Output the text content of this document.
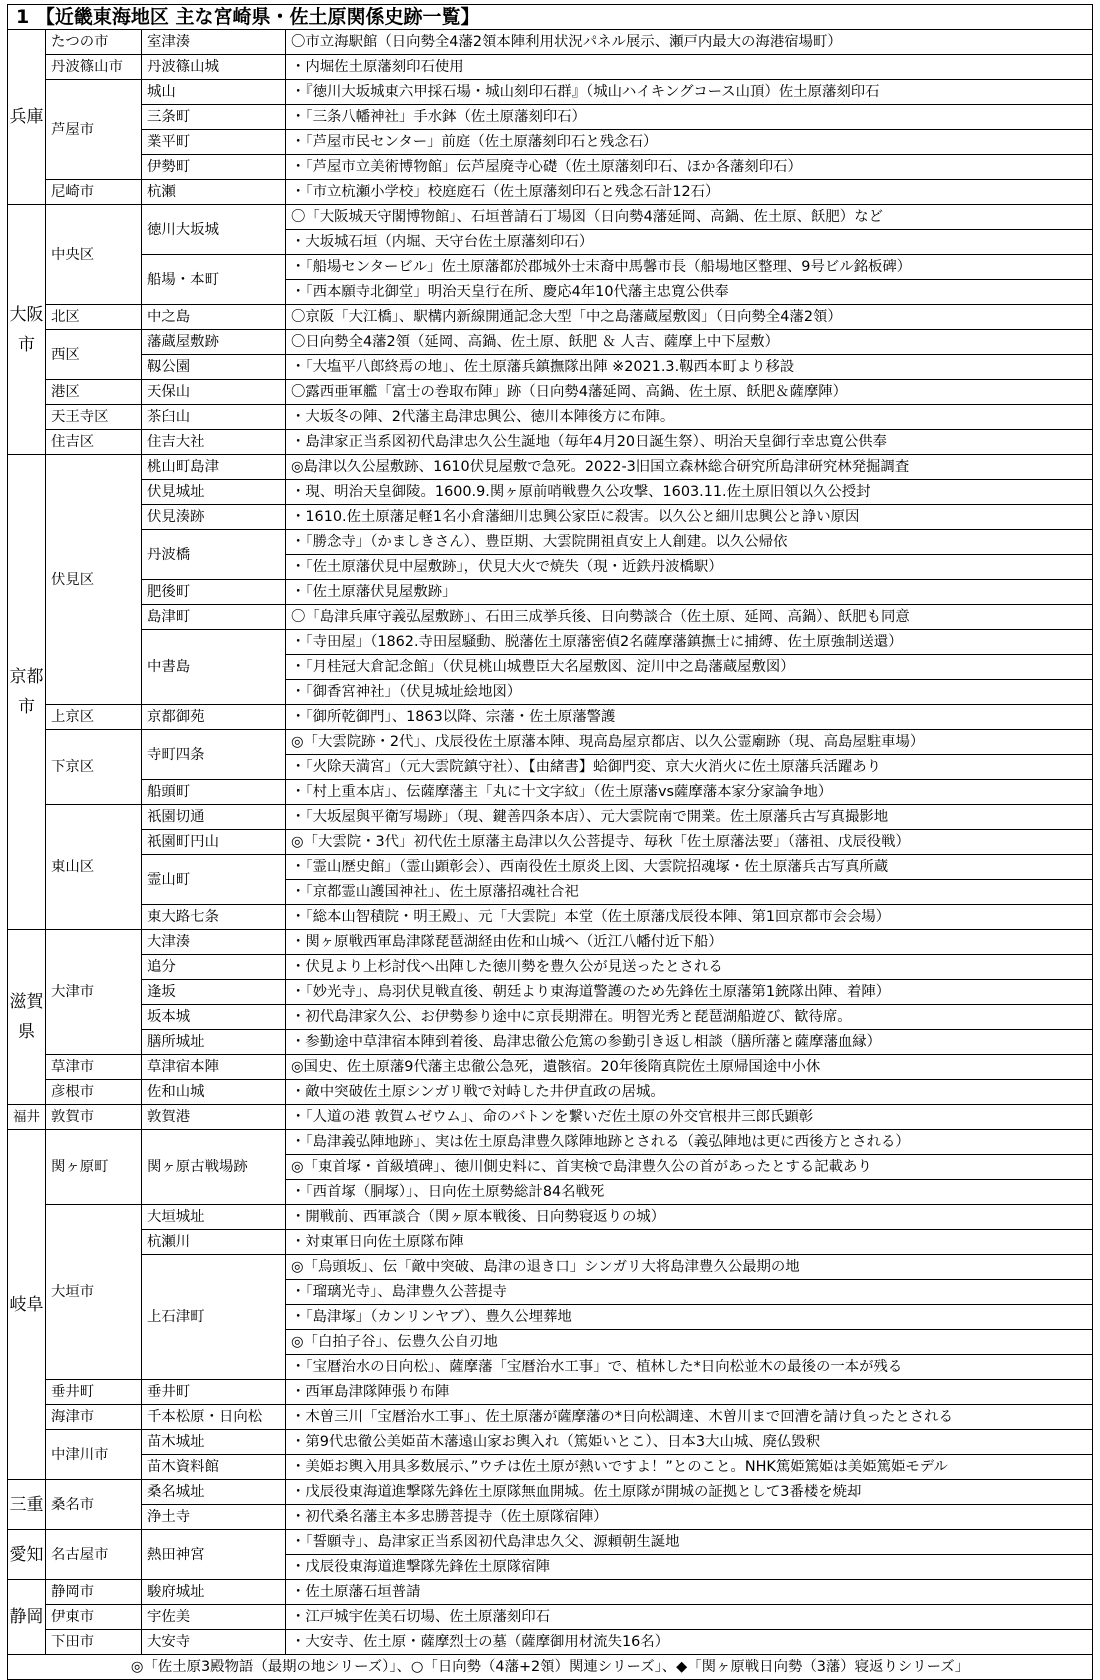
1 【近畿東海地区 主な宮崎県・佐土原関係史跡一覧】			
兵庫	たつの市	室津湊	〇市立海駅館（日向勢全4藩2領本陣利用状況パネル展示、瀬戸内最大の海港宿場町）
	丹波篠山市	丹波篠山城	・内堀佐土原藩刻印石使用
	芦屋市	城山	・『徳川大坂城東六甲採石場・城山刻印石群』（城山ハイキングコース山頂）佐土原藩刻印石
		三条町	・「三条八幡神社」手水鉢（佐土原藩刻印石）
		業平町	・「芦屋市民センター」前庭（佐土原藩刻印石と残念石）
		伊勢町	・「芦屋市立美術博物館」伝芦屋廃寺心礎（佐土原藩刻印石、ほか各藩刻印石）
	尼崎市	杭瀬	・「市立杭瀬小学校」校庭庭石（佐土原藩刻印石と残念石計12石）
大阪市	中央区	徳川大坂城	〇「大阪城天守閣博物館」、石垣普請石丁場図（日向勢4藩延岡、高鍋、佐土原、飫肥）など
			・大坂城石垣（内堀、天守台佐土原藩刻印石）
		船場・本町	・「船場センタービル」佐土原藩都於郡城外士末裔中馬馨市長（船場地区整理、9号ビル銘板碑）
			・「西本願寺北御堂」明治天皇行在所、慶応4年10代藩主忠寛公供奉
	北区	中之島	〇京阪「大江橋」、駅構内新線開通記念大型「中之島藩蔵屋敷図」（日向勢全4藩2領）
	西区	藩蔵屋敷跡	〇日向勢全4藩2領（延岡、高鍋、佐土原、飫肥 ＆ 人吉、薩摩上中下屋敷）
		靱公園	・「大塩平八郎終焉の地」、佐土原藩兵鎮撫隊出陣 ※2021.3.靱西本町より移設
	港区	天保山	〇露西亜軍艦「富士の巻取布陣」跡（日向勢4藩延岡、高鍋、佐土原、飫肥＆薩摩陣）
	天王寺区	茶臼山	・大坂冬の陣、2代藩主島津忠興公、徳川本陣後方に布陣。
	住吉区	住吉大社	・島津家正当系図初代島津忠久公生誕地（毎年4月20日誕生祭）、明治天皇御行幸忠寛公供奉
京都市	伏見区	桃山町島津	◎島津以久公屋敷跡、1610伏見屋敷で急死。2022-3旧国立森林総合研究所島津研究林発掘調査
		伏見城址	・現、明治天皇御陵。1600.9.関ヶ原前哨戦豊久公攻撃、1603.11.佐土原旧領以久公授封
		伏見湊跡	・1610.佐土原藩足軽1名小倉藩細川忠興公家臣に殺害。以久公と細川忠興公と諍い原因
		丹波橋	・「勝念寺」（かましきさん）、豊臣期、大雲院開祖貞安上人創建。以久公帰依
			・「佐土原藩伏見中屋敷跡」，伏見大火で焼失（現・近鉄丹波橋駅）
		肥後町	・「佐土原藩伏見屋敷跡」
		島津町	〇「島津兵庫守義弘屋敷跡」、石田三成挙兵後、日向勢談合（佐土原、延岡、高鍋）、飫肥も同意
		中書島	・「寺田屋」（1862.寺田屋騒動、脱藩佐土原藩密偵2名薩摩藩鎮撫士に捕縛、佐土原強制送還）
			・「月桂冠大倉記念館」（伏見桃山城豊臣大名屋敷図、淀川中之島藩蔵屋敷図）
			・「御香宮神社」（伏見城址絵地図）
	上京区	京都御苑	・「御所乾御門」、1863以降、宗藩・佐土原藩警護
	下京区	寺町四条	◎「大雲院跡・2代」、戊辰役佐土原藩本陣、現高島屋京都店、以久公霊廟跡（現、高島屋駐車場）
			・「火除天満宮」（元大雲院鎮守社）、【由緒書】蛤御門変、京大火消火に佐土原藩兵活躍あり
		船頭町	・「村上重本店」、伝薩摩藩主「丸に十文字紋」（佐土原藩vs薩摩藩本家分家論争地）
	東山区	祇園切通	・「大坂屋與平衛写場跡」（現、鍵善四条本店）、元大雲院南で開業。佐土原藩兵古写真撮影地
		祇園町円山	◎「大雲院・3代」初代佐土原藩主島津以久公菩提寺、毎秋「佐土原藩法要」（藩祖、戊辰役戦）
		霊山町	・「霊山歴史館」（霊山顕彰会）、西南役佐土原炎上図、大雲院招魂塚・佐土原藩兵古写真所蔵
			・「京都霊山護国神社」、佐土原藩招魂社合祀
		東大路七条	・「総本山智積院・明王殿」、元「大雲院」本堂（佐土原藩戊辰役本陣、第1回京都市会会場）
滋賀県	大津市	大津湊	・関ヶ原戦西軍島津隊琵琶湖経由佐和山城へ（近江八幡付近下船）
		追分	・伏見より上杉討伐へ出陣した徳川勢を豊久公が見送ったとされる
		逢坂	・「妙光寺」、鳥羽伏見戦直後、朝廷より東海道警護のため先鋒佐土原藩第1銃隊出陣、着陣）
		坂本城	・初代島津家久公、お伊勢参り途中に京長期滞在。明智光秀と琵琶湖船遊び、歓待席。
		膳所城址	・参勤途中草津宿本陣到着後、島津忠徹公危篤の参勤引き返し相談（膳所藩と薩摩藩血縁）
	草津市	草津宿本陣	◎国史、佐土原藩9代藩主忠徹公急死，遺骸宿。20年後隋真院佐土原帰国途中小休
	彦根市	佐和山城	・敵中突破佐土原シンガリ戦で対峙した井伊直政の居城。
福井	敦賀市	敦賀港	・「人道の港 敦賀ムゼウム」、命のバトンを繋いだ佐土原の外交官根井三郎氏顕彰
岐阜	関ヶ原町	関ヶ原古戦場跡	・「島津義弘陣地跡」、実は佐土原島津豊久隊陣地跡とされる（義弘陣地は更に西後方とされる）
			◎「東首塚・首級墳碑」、徳川側史料に、首実検で島津豊久公の首があったとする記載あり
			・「西首塚（胴塚）」、日向佐土原勢総計84名戦死
	大垣市	大垣城址	・開戦前、西軍談合（関ヶ原本戦後、日向勢寝返りの城）
		杭瀬川	・対東軍日向佐土原隊布陣
		上石津町	◎「烏頭坂」、伝「敵中突破、島津の退き口」シンガリ大将島津豊久公最期の地
			・「瑠璃光寺」、島津豊久公菩提寺
			・「島津塚」（カンリンヤブ）、豊久公埋葬地
			◎「白拍子谷」、伝豊久公自刃地
			・「宝暦治水の日向松」、薩摩藩「宝暦治水工事」で、植林した*日向松並木の最後の一本が残る
	垂井町	垂井町	・西軍島津隊陣張り布陣
	海津市	千本松原・日向松	・木曽三川「宝暦治水工事」、佐土原藩が薩摩藩の*日向松調達、木曽川まで回漕を請け負ったとされる
	中津川市	苗木城址	・第9代忠徹公美姫苗木藩遠山家お輿入れ（篤姫いとこ）、日本3大山城、廃仏毀釈
		苗木資料館	・美姫お輿入用具多数展示、”ウチは佐土原が熱いですよ！”とのこと。NHK篤姫篤姫は美姫篤姫モデル
三重	桑名市	桑名城址	・戊辰役東海道進撃隊先鋒佐土原隊無血開城。佐土原隊が開城の証拠として3番楼を焼却
		浄土寺	・初代桑名藩主本多忠勝菩提寺（佐土原隊宿陣）
愛知	名古屋市	熱田神宮	・「誓願寺」、島津家正当系図初代島津忠久父、源頼朝生誕地
			・戊辰役東海道進撃隊先鋒佐土原隊宿陣
静岡	静岡市	駿府城址	・佐土原藩石垣普請
	伊東市	宇佐美	・江戸城宇佐美石切場、佐土原藩刻印石
	下田市	大安寺	・大安寺、佐土原・薩摩烈士の墓（薩摩御用材流失16名）
◎「佐土原3殿物語（最期の地シリーズ）」、○「日向勢（4藩+2領）関連シリーズ」、◆「関ヶ原戦日向勢（3藩）寝返りシリーズ」			
